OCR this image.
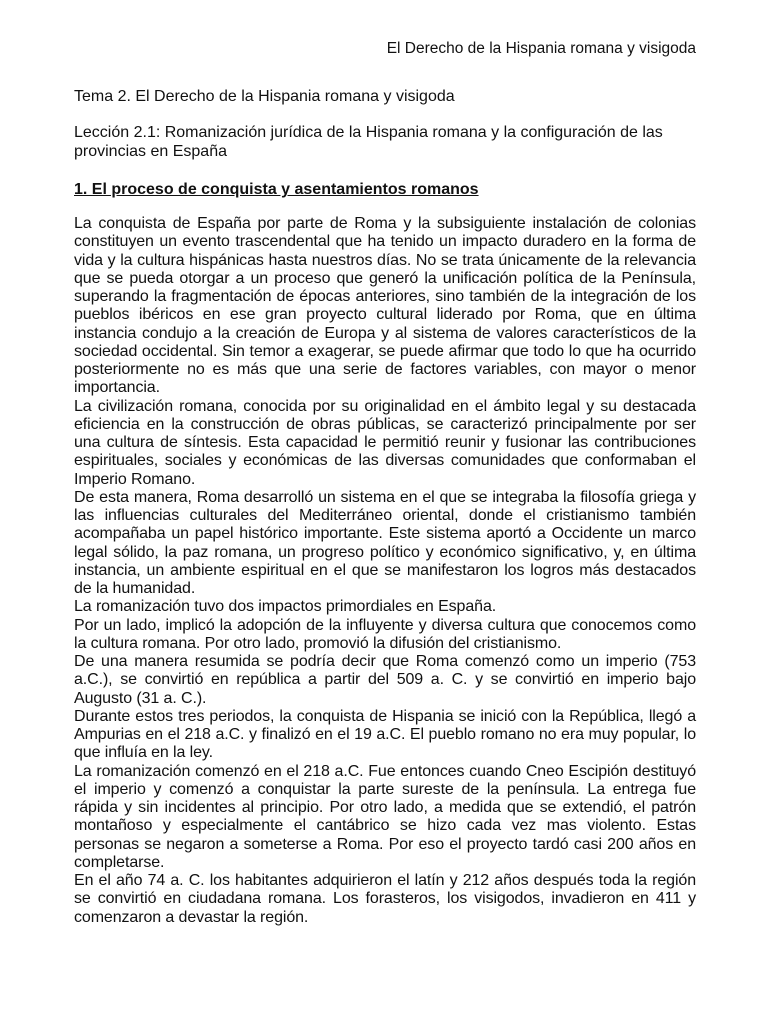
El Derecho de la Hispania romana y visigoda
Tema 2. El Derecho de la Hispania romana y visigoda
Lección 2.1: Romanización jurídica de la Hispania romana y la configuración de las provincias en España
1. El proceso de conquista y asentamientos romanos

La conquista de España por parte de Roma y la subsiguiente instalación de colonias constituyen un evento trascendental que ha tenido un impacto duradero en la forma de vida y la cultura hispánicas hasta nuestros días. No se trata únicamente de la relevancia que se pueda otorgar a un proceso que generó la unificación política de la Península, superando la fragmentación de épocas anteriores, sino también de la integración de los pueblos ibéricos en ese gran proyecto cultural liderado por Roma, que en última instancia condujo a la creación de Europa y al sistema de valores característicos de la sociedad occidental. Sin temor a exagerar, se puede afirmar que todo lo que ha ocurrido posteriormente no es más que una serie de factores variables, con mayor o menor importancia.

La civilización romana, conocida por su originalidad en el ámbito legal y su destacada eficiencia en la construcción de obras públicas, se caracterizó principalmente por ser una cultura de síntesis. Esta capacidad le permitió reunir y fusionar las contribuciones espirituales, sociales y económicas de las diversas comunidades que conformaban el Imperio Romano.

De esta manera, Roma desarrolló un sistema en el que se integraba la filosofía griega y las influencias culturales del Mediterráneo oriental, donde el cristianismo también acompañaba un papel histórico importante. Este sistema aportó a Occidente un marco legal sólido, la paz romana, un progreso político y económico significativo, y, en última instancia, un ambiente espiritual en el que se manifestaron los logros más destacados de la humanidad.

La romanización tuvo dos impactos primordiales en España.

Por un lado, implicó la adopción de la influyente y diversa cultura que conocemos como la cultura romana. Por otro lado, promovió la difusión del cristianismo.

De una manera resumida se podría decir que Roma comenzó como un imperio (753 a.C.), se convirtió en república a partir del 509 a. C. y se convirtió en imperio bajo Augusto (31 a. C.).

Durante estos tres periodos, la conquista de Hispania se inició con la República, llegó a Ampurias en el 218 a.C. y finalizó en el 19 a.C. El pueblo romano no era muy popular, lo que influía en la ley.

La romanización comenzó en el 218 a.C. Fue entonces cuando Cneo Escipión destituyó el imperio y comenzó a conquistar la parte sureste de la península. La entrega fue rápida y sin incidentes al principio. Por otro lado, a medida que se extendió, el patrón montañoso y especialmente el cantábrico se hizo cada vez mas violento. Estas personas se negaron a someterse a Roma. Por eso el proyecto tardó casi 200 años en completarse.

En el año 74 a. C. los habitantes adquirieron el latín y 212 años después toda la región se convirtió en ciudadana romana. Los forasteros, los visigodos, invadieron en 411 y comenzaron a devastar la región.
